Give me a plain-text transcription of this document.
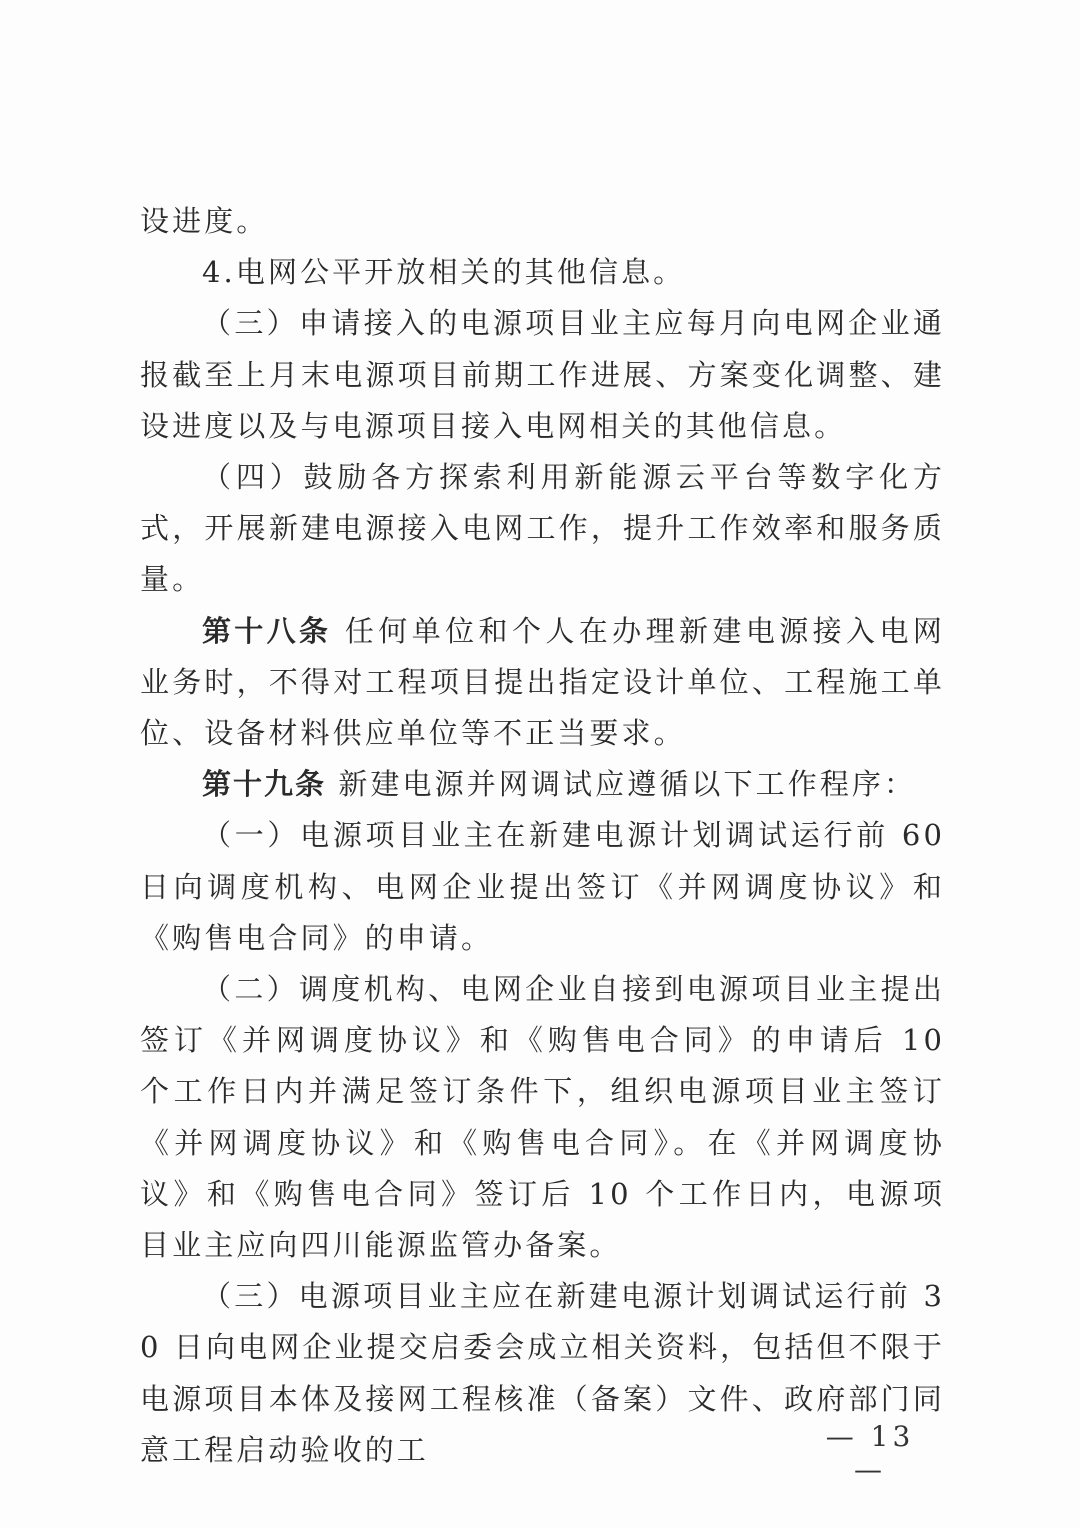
设进度。

4.电网公平开放相关的其他信息。

（三）申请接入的电源项目业主应每月向电网企业通报截至上月末电源项目前期工作进展、方案变化调整、建设进度以及与电源项目接入电网相关的其他信息。

（四）鼓励各方探索利用新能源云平台等数字化方式，开展新建电源接入电网工作，提升工作效率和服务质量。

第十八条 任何单位和个人在办理新建电源接入电网业务时，不得对工程项目提出指定设计单位、工程施工单位、设备材料供应单位等不正当要求。

第十九条 新建电源并网调试应遵循以下工作程序：

（一）电源项目业主在新建电源计划调试运行前 60 日向调度机构、电网企业提出签订《并网调度协议》和《购售电合同》的申请。

（二）调度机构、电网企业自接到电源项目业主提出签订《并网调度协议》和《购售电合同》的申请后 10 个工作日内并满足签订条件下，组织电源项目业主签订《并网调度协议》和《购售电合同》。在《并网调度协议》和《购售电合同》签订后 10 个工作日内，电源项目业主应向四川能源监管办备案。

（三）电源项目业主应在新建电源计划调试运行前 30 日向电网企业提交启委会成立相关资料，包括但不限于电源项目本体及接网工程核准（备案）文件、政府部门同意工程启动验收的工	— 13 —
